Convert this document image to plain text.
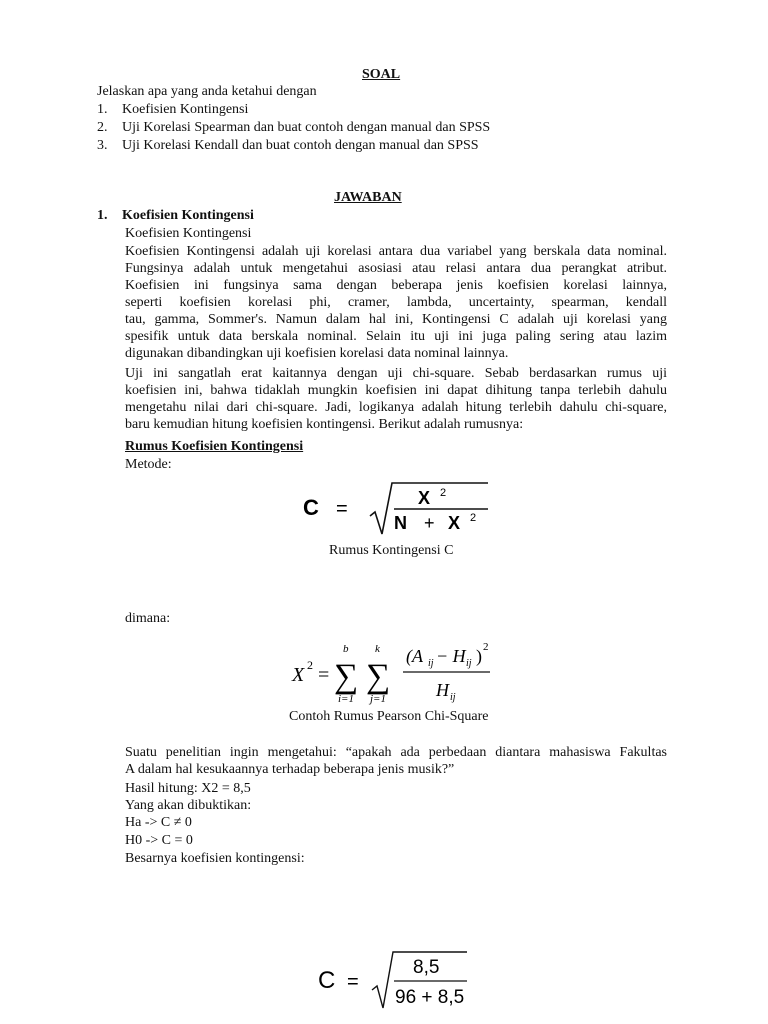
SOAL
Jelaskan apa yang anda ketahui dengan
1. Koefisien Kontingensi
2. Uji Korelasi Spearman dan buat contoh dengan manual dan SPSS
3. Uji Korelasi Kendall dan buat contoh dengan manual dan SPSS
JAWABAN
1. Koefisien Kontingensi
Koefisien Kontingensi
Koefisien Kontingensi adalah uji korelasi antara dua variabel yang berskala data nominal.
Fungsinya adalah untuk mengetahui asosiasi atau relasi antara dua perangkat atribut.
Koefisien ini fungsinya sama dengan beberapa jenis koefisien korelasi lainnya,
seperti koefisien korelasi phi, cramer, lambda, uncertainty, spearman, kendall
tau, gamma, Sommer's. Namun dalam hal ini, Kontingensi C adalah uji korelasi yang
spesifik untuk data berskala nominal. Selain itu uji ini juga paling sering atau lazim
digunakan dibandingkan uji koefisien korelasi data nominal lainnya.
Uji ini sangatlah erat kaitannya dengan uji chi-square. Sebab berdasarkan rumus uji
koefisien ini, bahwa tidaklah mungkin koefisien ini dapat dihitung tanpa terlebih dahulu
mengetahu nilai dari chi-square. Jadi, logikanya adalah hitung terlebih dahulu chi-square,
baru kemudian hitung koefisien kontingensi. Berikut adalah rumusnya:
Rumus Koefisien Kontingensi
Metode:
C =	X 2
N + X 2
Rumus Kontingensi C
dimana:
X 2 =
b
∑
i=1
k
∑
j=1
(A ij − H ij ) 2
H ij
Contoh Rumus Pearson Chi-Square
Suatu penelitian ingin mengetahui: “apakah ada perbedaan diantara mahasiswa Fakultas
A dalam hal kesukaannya terhadap beberapa jenis musik?”
Hasil hitung: X2 = 8,5
Yang akan dibuktikan:
Ha -> C ≠ 0
H0 -> C = 0
Besarnya koefisien kontingensi:
C =
8,5
96 + 8,5
